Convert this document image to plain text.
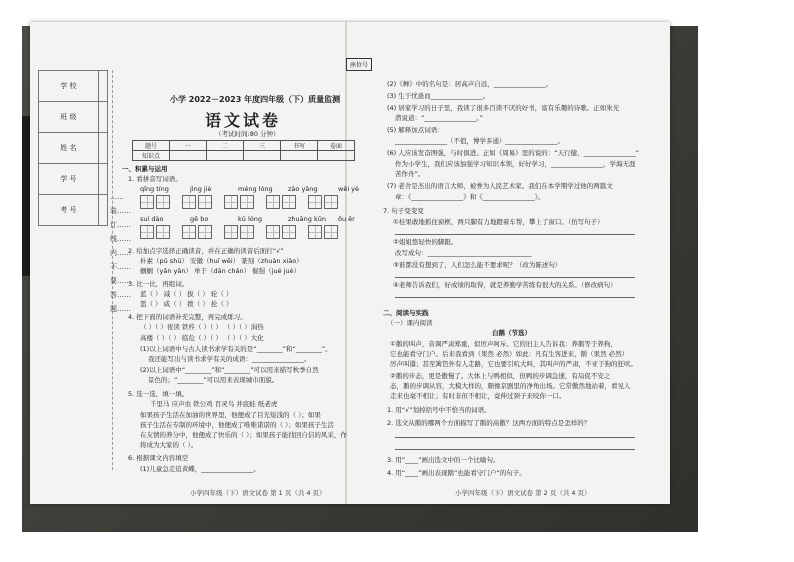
学 校	
班 级	
姓 名	
学 号	
考 号	
……装……订……线……内……不……要……答……题……
小学 2022－2023 年度四年级（下）质量监测
语文试卷
（考试时间:80 分钟）
题号	一	二	三	书写	卷面
知识点					
一、积累与运用
1. 看拼音写词语。
qīng tíng	jìng jiè	méng lóng zāo yāng	wěi yè
suí dào	gē bo	kū lóng	zhuāng kūn ǒu ěr
2. 给加点字选择正确读音，并在正确的读音后面打“√”
朴素（pǔ shū） 安徽（huī wēi） 篆刻（zhuàn xiāo）
蝈蝈（yān yān） 单于（dān chán） 倔强（jué juè）
3. 比一比，再组词。
蓝（ ） 减（ ） 拔（ ） 轮（ ）
篮（ ） 咸（ ） 拨（ ） 抡（ ）
4. 把下面的词语补充完整，再完成练习。
（ ）（ ）夜读 铁杵（ ）（ ） （ ）（ ）涓热
高楼（ ）（ ） 临危（ ）（ ） （ ）（ ）大化
(1)以上词语中与古人读书求学有关的是“________”和“________”。
我还能写出与读书求学有关的成语：________________。
(2)以上词语中“________”和“________”可以用来描写秋季自然
景色的；“________”可以用来表现城市面貌。
5. 选一选，填一填。
千里马 应声虫 铁公鸡 百灵鸟 井底蛙 纸老虎
如果孩子生活在加油的世界里，他便成了目光短浅的（ ）；如果
孩子生活在专制的环境中，他便成了唯唯诺诺的（ ）；如果孩子生活
在友情的养分中，他便成了快乐的（ ）；如果孩子能找回自信的风采，作
将成为大家的（ ）。
6. 根据课文内容填空
(1)儿童急走追黄蝶，________________。
小学四年级（下）语文试卷 第 1 页（共 4 页）
座位号
(2)《蝉》中的名句是：居高声自远，________________。
(3) 生于忧患而________________。
(4) 居家学习的日子里，我读了很多百读不厌的好书，富有乐趣的诗歌。正如朱光
潜说道：“________________。”
(5) 解释加点词语：
________________（不值，博学多通）________________。
(6) 人应该发奋图强，与时俱进。正如《周易》里的说的：“天行健，________________”
作为小学生，我们应该加强学习知识本领，好好学习，________________，学海无涯
苦作舟”。
(7) 老舍是杰出的语言大师，被誉为人民艺术家。我们在本学期学过他的两篇文
章：《________________》和《________________》。
7. 句子变变变
①桂果敢地抓住窗框，两只脚有力地蹬着车帮，攀上了窗口。（仿写句子）
②姐姐悠轻快的脚跟。
改写成句：________________________________
③谁都没有想到了，人们怎么能不要求呢？（改为陈述句）
④老师告诉我们，好成绩的取得，就是养勤学苦练有很大的关系。（修改病句）
二、阅读与实践
（一）课内阅读
白鹅（节选）
①鹅的叫声，音调严肃郑重，似厉声呵斥。它的旧主人告诉我：养鹅等于养狗，
它也能看守门户。后来我看到（果然 必然）如此：凡有生客进来，鹅（果然 必然）
厉声叫嚣；甚至篱笆外有人走路，它也要引吭大叫，其叫声的严肃，不亚于狗的狂吠。
②鹅的步态，更是傲慢了。大体上与鸭相似，但鸭的步调急速，有局促不安之
态，鹅的步调从容，大模大样的，颇像京剧里的净角出场。它常傲然地站着，看见人
走来也毫不相让；有时非但不相让，竟伸过颈子来咬你一口。
1. 用“√”划掉括号中不恰当的词语。
2. 选文从鹅的哪两个方面描写了鹅的高傲？这两方面的特点是怎样的？
3. 用“____”画出选文中的一个比喻句。
4. 用“____”画出表现鹅“也能看守门户”的句子。
小学四年级（下）语文试卷 第 2 页（共 4 页）
